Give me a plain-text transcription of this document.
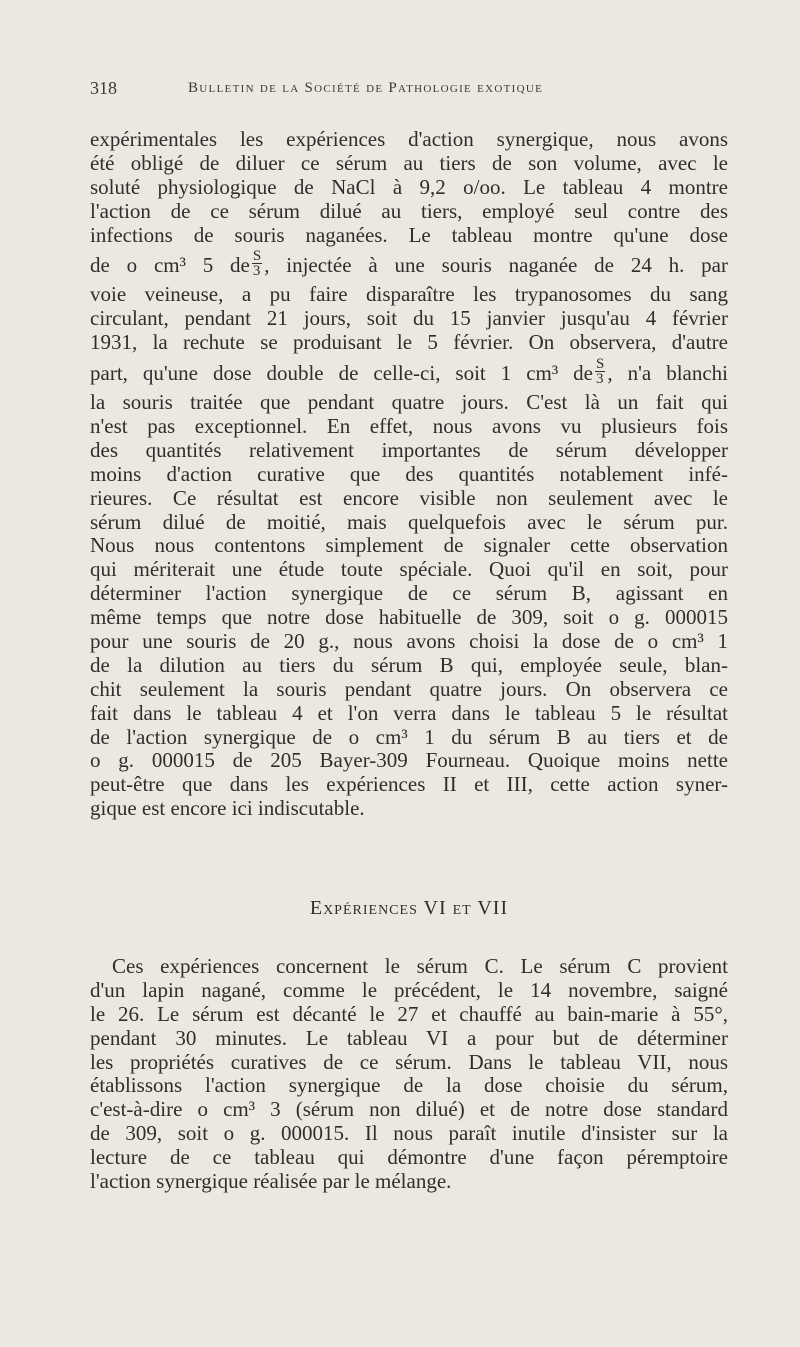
318	Bulletin de la Société de Pathologie exotique
expérimentales les expériences d'action synergique, nous avons
été obligé de diluer ce sérum au tiers de son volume, avec le
soluté physiologique de NaCl à 9,2 o/oo. Le tableau 4 montre
l'action de ce sérum dilué au tiers, employé seul contre des
infections de souris naganées. Le tableau montre qu'une dose
de o cm³ 5 de $\frac{S}{3}$ , injectée à une souris naganée de 24 h. par
voie veineuse, a pu faire disparaître les trypanosomes du sang
circulant, pendant 21 jours, soit du 15 janvier jusqu'au 4 février
1931, la rechute se produisant le 5 février. On observera, d'autre
part, qu'une dose double de celle-ci, soit 1 cm³ de $\frac{S}{3}$ , n'a blanchi
la souris traitée que pendant quatre jours. C'est là un fait qui
n'est pas exceptionnel. En effet, nous avons vu plusieurs fois
des quantités relativement importantes de sérum développer
moins d'action curative que des quantités notablement infé-
rieures. Ce résultat est encore visible non seulement avec le
sérum dilué de moitié, mais quelquefois avec le sérum pur.
Nous nous contentons simplement de signaler cette observation
qui mériterait une étude toute spéciale. Quoi qu'il en soit, pour
déterminer l'action synergique de ce sérum B, agissant en
même temps que notre dose habituelle de 309, soit o g. 000015
pour une souris de 20 g., nous avons choisi la dose de o cm³ 1
de la dilution au tiers du sérum B qui, employée seule, blan-
chit seulement la souris pendant quatre jours. On observera ce
fait dans le tableau 4 et l'on verra dans le tableau 5 le résultat
de l'action synergique de o cm³ 1 du sérum B au tiers et de
o g. 000015 de 205 Bayer-309 Fourneau. Quoique moins nette
peut-être que dans les expériences II et III, cette action syner-
gique est encore ici indiscutable.
Expériences VI et VII
Ces expériences concernent le sérum C. Le sérum C provient
d'un lapin nagané, comme le précédent, le 14 novembre, saigné
le 26. Le sérum est décanté le 27 et chauffé au bain-marie à 55°,
pendant 30 minutes. Le tableau VI a pour but de déterminer
les propriétés curatives de ce sérum. Dans le tableau VII, nous
établissons l'action synergique de la dose choisie du sérum,
c'est-à-dire o cm³ 3 (sérum non dilué) et de notre dose standard
de 309, soit o g. 000015. Il nous paraît inutile d'insister sur la
lecture de ce tableau qui démontre d'une façon péremptoire
l'action synergique réalisée par le mélange.
